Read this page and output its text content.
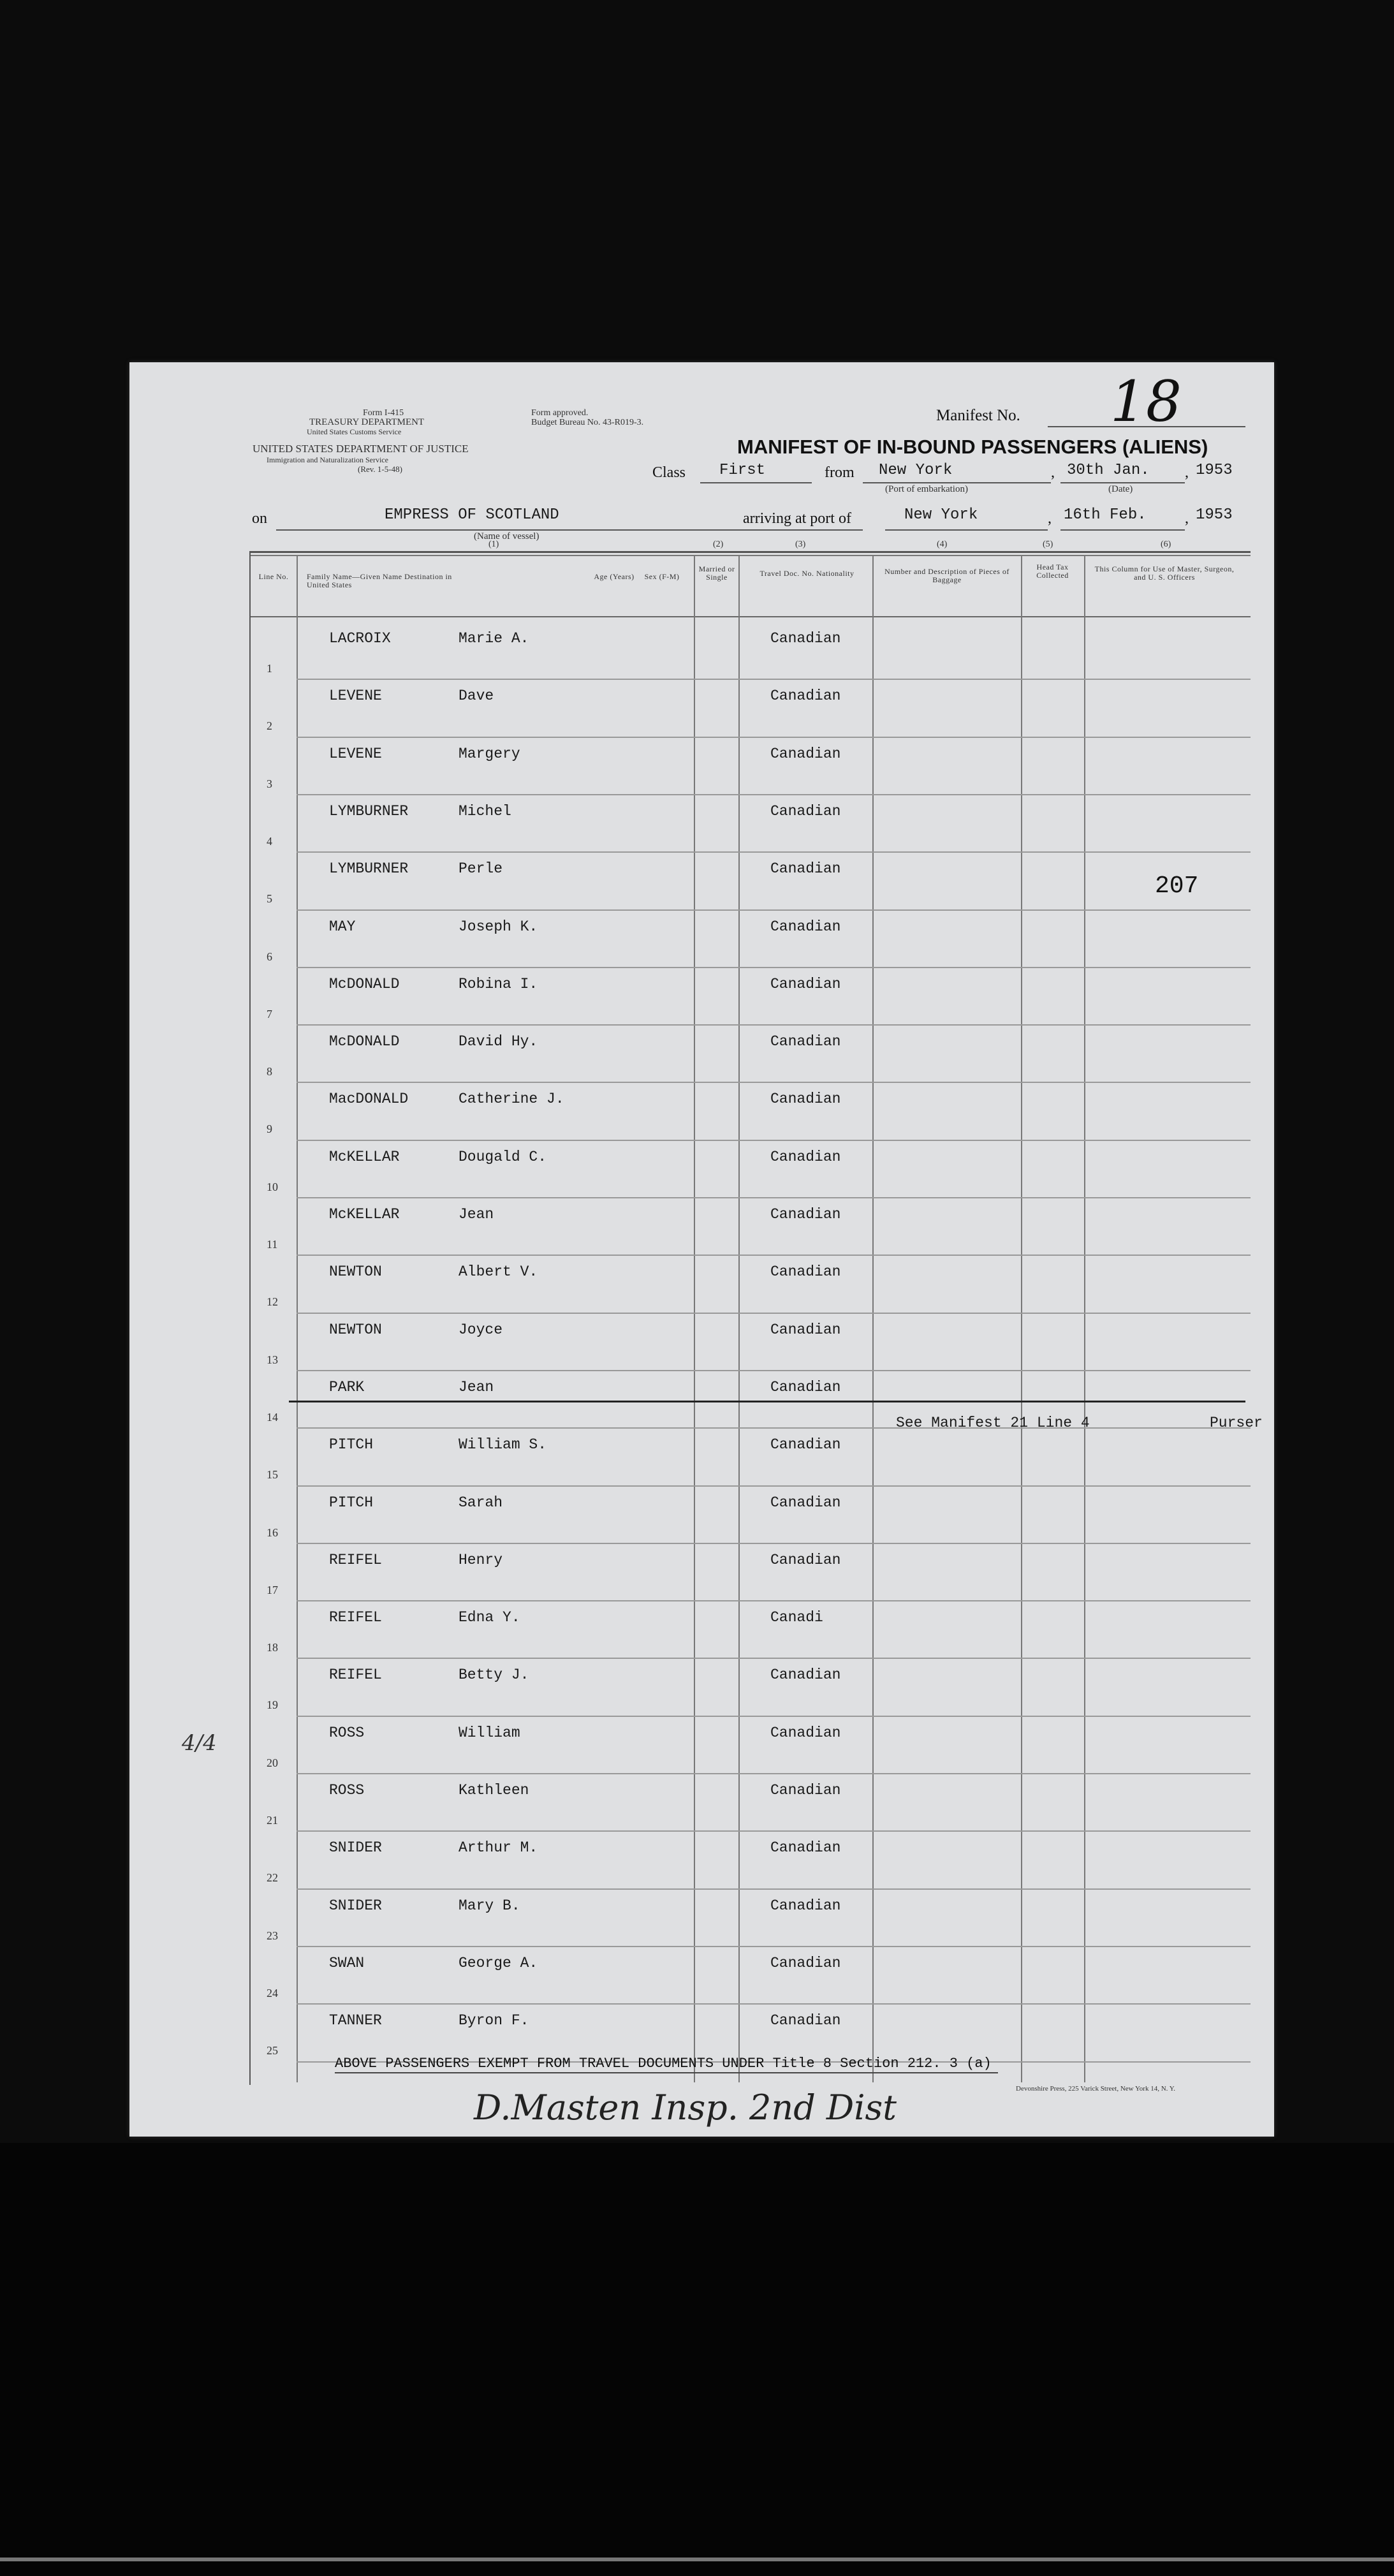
Form I-415
TREASURY DEPARTMENT
United States Customs Service
Form approved.
Budget Bureau No. 43-R019-3.
UNITED STATES DEPARTMENT OF JUSTICE
Immigration and Naturalization Service
(Rev. 1-5-48)
Manifest No. 18
MANIFEST OF IN-BOUND PASSENGERS (ALIENS)
Class First	from New York
(Port of embarkation)
, 30th Jan.
(Date)
, 1953
on	EMPRESS OF SCOTLAND
(Name of vessel)
arriving at port of	New York	, 16th Feb.	, 1953
(1)	(2)	(3)	(4)	(5)	(6)
Line No.	Family Name—Given Name Destination in United States
Age (Years)	Sex (F-M)
Married or Single	Travel Doc. No. Nationality	Number and Description of Pieces of Baggage
Head Tax Collected
This Column for Use of Master, Surgeon, and U. S. Officers
1
LACROIX	Marie A.	Canadian
2
LEVENE	Dave	Canadian
3
LEVENE	Margery	Canadian
4
LYMBURNER	Michel	Canadian
5
LYMBURNER	Perle	Canadian
6
MAY	Joseph K.	Canadian
7
McDONALD	Robina I.	Canadian
8
McDONALD	David Hy.	Canadian
9
MacDONALD	Catherine J.	Canadian
10
McKELLAR	Dougald C.	Canadian
11
McKELLAR	Jean	Canadian
12
NEWTON	Albert V.	Canadian
13
NEWTON	Joyce	Canadian
14
PARK	Jean	Canadian
15
PITCH	William S.	Canadian
16
PITCH	Sarah	Canadian
17
REIFEL	Henry	Canadian
18
REIFEL	Edna Y.	Canadi
19
REIFEL	Betty J.	Canadian
20
ROSS	William	Canadian
21
ROSS	Kathleen	Canadian
22
SNIDER	Arthur M.	Canadian
23
SNIDER	Mary B.	Canadian
24
SWAN	George A.	Canadian
25
TANNER	Byron F.	Canadian
207
See Manifest 21 Line 4	Purser
ABOVE PASSENGERS EXEMPT FROM TRAVEL DOCUMENTS UNDER Title 8 Section 212. 3 (a)
Devonshire Press, 225 Varick Street, New York 14, N. Y.
D.Masten Insp. 2nd Dist
4/4
